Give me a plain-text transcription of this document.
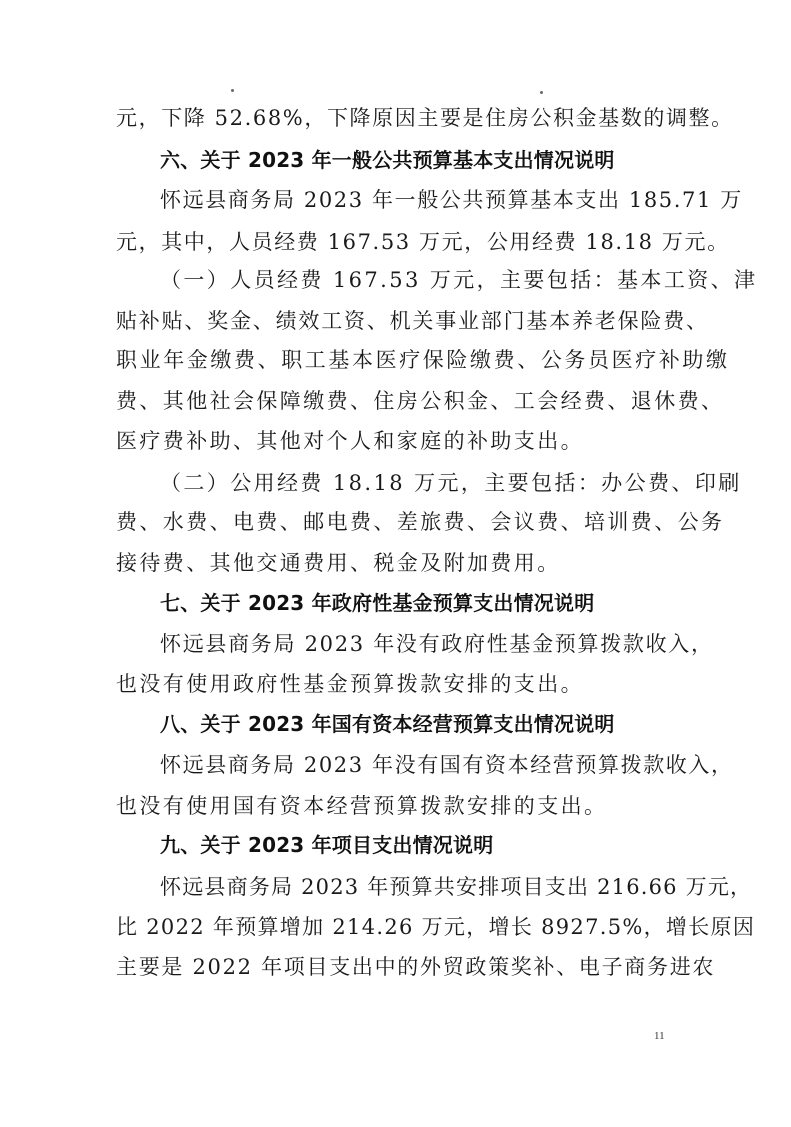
元，下降 52.68%，下降原因主要是住房公积金基数的调整。
六、关于 2023 年一般公共预算基本支出情况说明
怀远县商务局 2023 年一般公共预算基本支出 185.71 万
元，其中，人员经费 167.53 万元，公用经费 18.18 万元。
（一）人员经费 167.53 万元，主要包括：基本工资、津
贴补贴、奖金、绩效工资、机关事业部门基本养老保险费、
职业年金缴费、职工基本医疗保险缴费、公务员医疗补助缴
费、其他社会保障缴费、住房公积金、工会经费、退休费、
医疗费补助、其他对个人和家庭的补助支出。
（二）公用经费 18.18 万元，主要包括：办公费、印刷
费、水费、电费、邮电费、差旅费、会议费、培训费、公务
接待费、其他交通费用、税金及附加费用。
七、关于 2023 年政府性基金预算支出情况说明
怀远县商务局 2023 年没有政府性基金预算拨款收入，
也没有使用政府性基金预算拨款安排的支出。
八、关于 2023 年国有资本经营预算支出情况说明
怀远县商务局 2023 年没有国有资本经营预算拨款收入，
也没有使用国有资本经营预算拨款安排的支出。
九、关于 2023 年项目支出情况说明
怀远县商务局 2023 年预算共安排项目支出 216.66 万元，
比 2022 年预算增加 214.26 万元，增长 8927.5%，增长原因
主要是 2022 年项目支出中的外贸政策奖补、电子商务进农
11
